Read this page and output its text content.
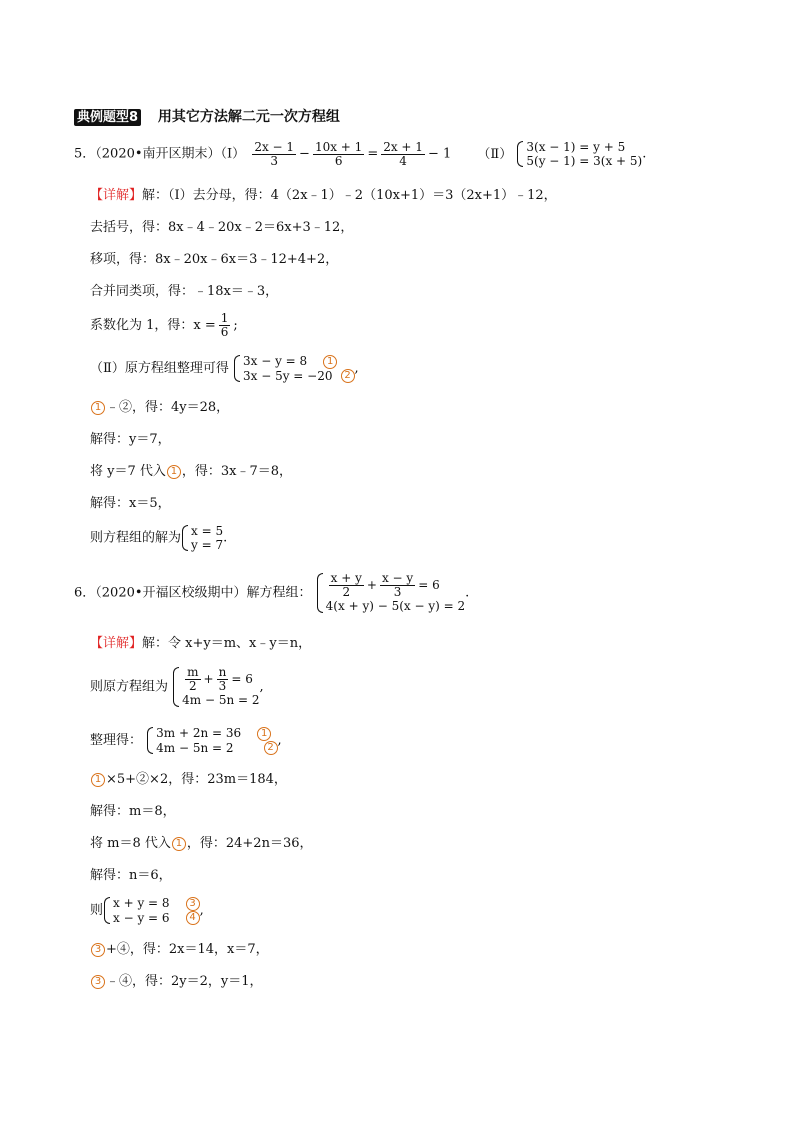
典例题型8 用其它方法解二元一次方程组
5．（2020•南开区期末）（Ⅰ） $\frac{2x - 1}{3} - \frac{10x + 1}{6} = \frac{2x + 1}{4} - 1$ （Ⅱ） 3(x − 1) = y + 5
5(y − 1) = 3(x + 5) .
【详解】解：（Ⅰ）去分母，得：4（2x﹣1）﹣2（10x+1）＝3（2x+1）﹣12，
去括号，得：8x﹣4﹣20x﹣2＝6x+3﹣12，
移项，得：8x﹣20x﹣6x＝3﹣12+4+2，
合并同类项，得：﹣18x＝﹣3，
系数化为 1，得：$x = \frac{1}{6}$ ;
（Ⅱ）原方程组整理可得 3x − y = 8 1
3x − 5y = −20 2 ,
1 ﹣②，得：4y＝28，
解得：y＝7，
将 y＝7 代入 1 ，得：3x﹣7＝8，
解得：x＝5，
则方程组的解为 x = 5
y = 7 .
6．（2020•开福区校级期中）解方程组： $\frac{x + y}{2} + \frac{x - y}{3} = 6$
4(x + y) − 5(x − y) = 2
.
【详解】解：令 x+y＝m、x﹣y＝n，
则原方程组为 $\frac{m}{2} + \frac{n}{3} = 6$
4m − 5n = 2
,
整理得： 3m + 2n = 36 1
4m − 5n = 2	2 ,
1 ×5+②×2，得：23m＝184，
解得：m＝8，
将 m＝8 代入 1 ，得：24+2n＝36，
解得：n＝6，
则 x + y = 8 3
x − y = 6 4 ,
3 +④，得：2x＝14，x＝7，
3 ﹣④，得：2y＝2，y＝1，
